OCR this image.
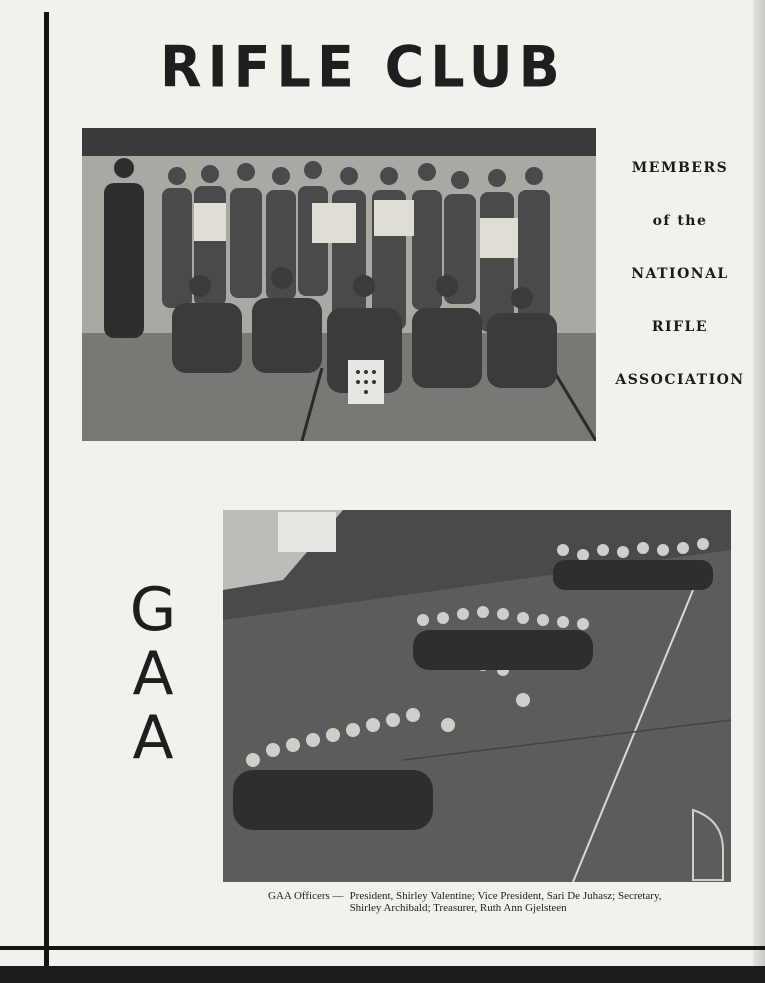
RIFLE CLUB
MEMBERS
of the
NATIONAL
RIFLE
ASSOCIATION
G
A
A
GAA Officers — President, Shirley Valentine; Vice President, Sari De Juhasz; Secretary, Shirley Archibald; Treasurer, Ruth Ann Gjelsteen
